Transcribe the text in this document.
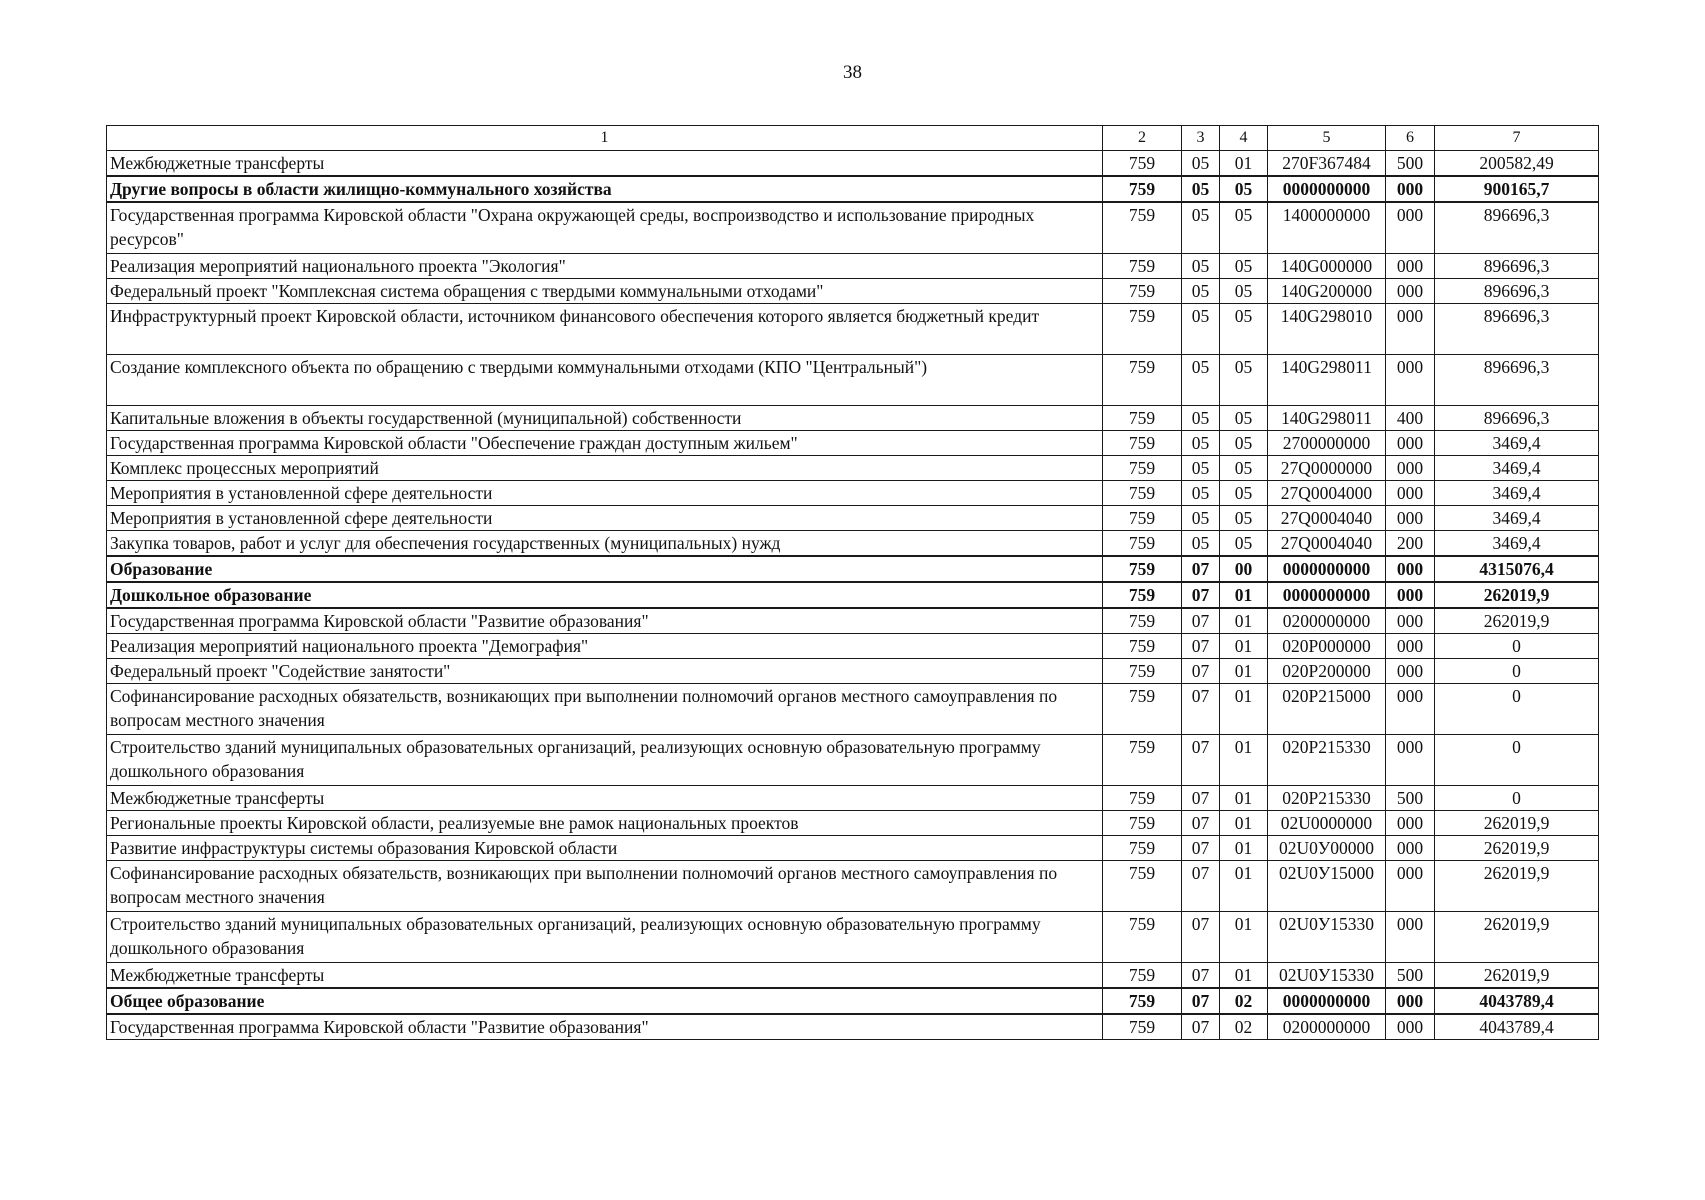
38
1	2	3	4	5	6	7
Межбюджетные трансферты	759	05	01	270F367484	500	200582,49
Другие вопросы в области жилищно-коммунального хозяйства	759	05	05	0000000000	000	900165,7
Государственная программа Кировской области "Охрана окружающей среды, воспроизводство и использование природных ресурсов"	759	05	05	1400000000	000	896696,3
Реализация мероприятий национального проекта "Экология"	759	05	05	140G000000	000	896696,3
Федеральный проект "Комплексная система обращения с твердыми коммунальными отходами"	759	05	05	140G200000	000	896696,3
Инфраструктурный проект Кировской области, источником финансового обеспечения которого является бюджетный кредит	759	05	05	140G298010	000	896696,3
Создание комплексного объекта по обращению с твердыми коммунальными отходами (КПО "Центральный")	759	05	05	140G298011	000	896696,3
Капитальные вложения в объекты государственной (муниципальной) собственности	759	05	05	140G298011	400	896696,3
Государственная программа Кировской области "Обеспечение граждан доступным жильем"	759	05	05	2700000000	000	3469,4
Комплекс процессных мероприятий	759	05	05	27Q0000000	000	3469,4
Мероприятия в установленной сфере деятельности	759	05	05	27Q0004000	000	3469,4
Мероприятия в установленной сфере деятельности	759	05	05	27Q0004040	000	3469,4
Закупка товаров, работ и услуг для обеспечения государственных (муниципальных) нужд	759	05	05	27Q0004040	200	3469,4
Образование	759	07	00	0000000000	000	4315076,4
Дошкольное образование	759	07	01	0000000000	000	262019,9
Государственная программа Кировской области "Развитие образования"	759	07	01	0200000000	000	262019,9
Реализация мероприятий национального проекта "Демография"	759	07	01	020P000000	000	0
Федеральный проект "Содействие занятости"	759	07	01	020P200000	000	0
Софинансирование расходных обязательств, возникающих при выполнении полномочий органов местного самоуправления по вопросам местного значения	759	07	01	020P215000	000	0
Строительство зданий муниципальных образовательных организаций, реализующих основную образовательную программу дошкольного образования	759	07	01	020P215330	000	0
Межбюджетные трансферты	759	07	01	020P215330	500	0
Региональные проекты Кировской области, реализуемые вне рамок национальных проектов	759	07	01	02U0000000	000	262019,9
Развитие инфраструктуры системы образования Кировской области	759	07	01	02U0У00000	000	262019,9
Софинансирование расходных обязательств, возникающих при выполнении полномочий органов местного самоуправления по вопросам местного значения	759	07	01	02U0У15000	000	262019,9
Строительство зданий муниципальных образовательных организаций, реализующих основную образовательную программу дошкольного образования	759	07	01	02U0У15330	000	262019,9
Межбюджетные трансферты	759	07	01	02U0У15330	500	262019,9
Общее образование	759	07	02	0000000000	000	4043789,4
Государственная программа Кировской области "Развитие образования"	759	07	02	0200000000	000	4043789,4
